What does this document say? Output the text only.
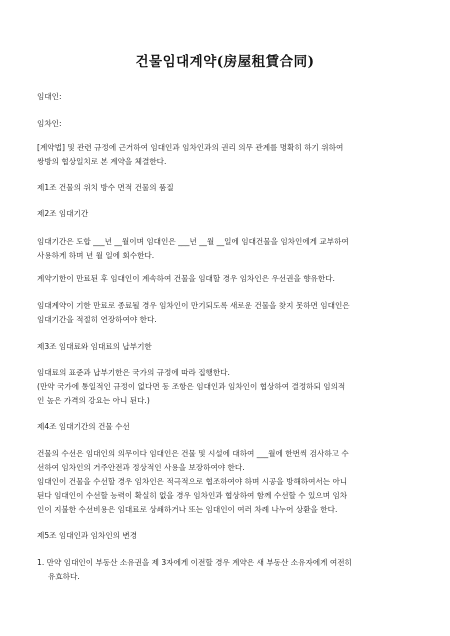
건물임대계약(房屋租賃合同)

임대인:

임차인:

[계약법] 및 관련 규정에 근거하여 임대인과 임차인과의 권리 의무 관계를 명확히 하기 위하여

쌍방의 협상일치로 본 계약을 체결한다.

제1조 건물의 위치 방수 면적 건물의 품질

제2조 임대기간

임대기간은 도합 ___년 __월이며 임대인은 ___년 __월 __일에 임대건물을 임차인에게 교부하여

사용하게 하며 년 월 일에 회수한다.

계약기한이 만료된 후 임대인이 계속하여 건물을 임대할 경우 임차인은 우선권을 향유한다.

임대계약이 기한 만료로 종료될 경우 임차인이 만기되도록 새로운 건물을 찾지 못하면 임대인은

임대기간을 적절히 연장하여야 한다.

제3조 임대료와 임대료의 납부기한

임대료의 표준과 납부기한은 국가의 규정에 따라 집행한다.

(만약 국가에 통일적인 규정이 없다면 동 조항은 임대인과 임차인이 협상하여 결정하되 임의적

인 높은 가격의 강요는 아니 된다.)

제4조 임대기간의 건물 수선

건물의 수선은 임대인의 의무이다 임대인은 건물 및 시설에 대하여 ___월에 한번씩 검사하고 수

선하여 임차인의 거주안전과 정상적인 사용을 보장하여야 한다.

임대인이 건물을 수선할 경우 임차인은 적극적으로 협조하여야 하며 시공을 방해하여서는 아니

된다 임대인이 수선할 능력이 확실히 없을 경우 임차인과 협상하여 함께 수선할 수 있으며 임차

인이 지불한 수선비용은 임대료로 상쇄하거나 또는 임대인이 여러 차례 나누어 상환을 한다.

제5조 임대인과 임차인의 변경

1. 만약 임대인이 부동산 소유권을 제 3자에게 이전할 경우 계약은 새 부동산 소유자에게 여전히

유효하다.
